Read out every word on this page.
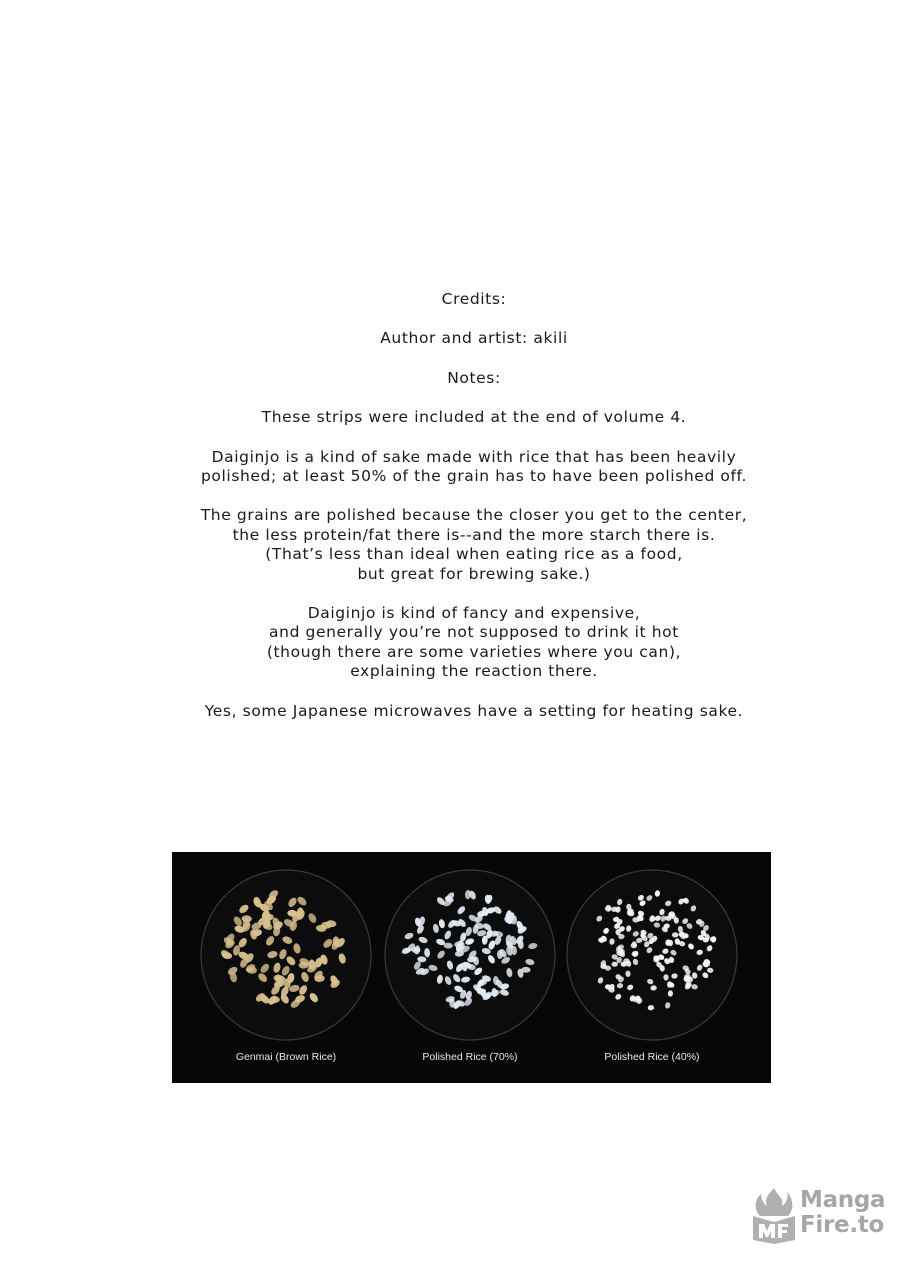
Credits:

Author and artist: akili

Notes:

These strips were included at the end of volume 4.

Daiginjo is a kind of sake made with rice that has been heavily
polished; at least 50% of the grain has to have been polished off.

The grains are polished because the closer you get to the center,
the less protein/fat there is--and the more starch there is.
(That’s less than ideal when eating rice as a food,
but great for brewing sake.)

Daiginjo is kind of fancy and expensive,
and generally you’re not supposed to drink it hot
(though there are some varieties where you can),
explaining the reaction there.

Yes, some Japanese microwaves have a setting for heating sake.

Genmai (Brown Rice)	Polished Rice (70%)	Polished Rice (40%)
Manga
Fire.to
